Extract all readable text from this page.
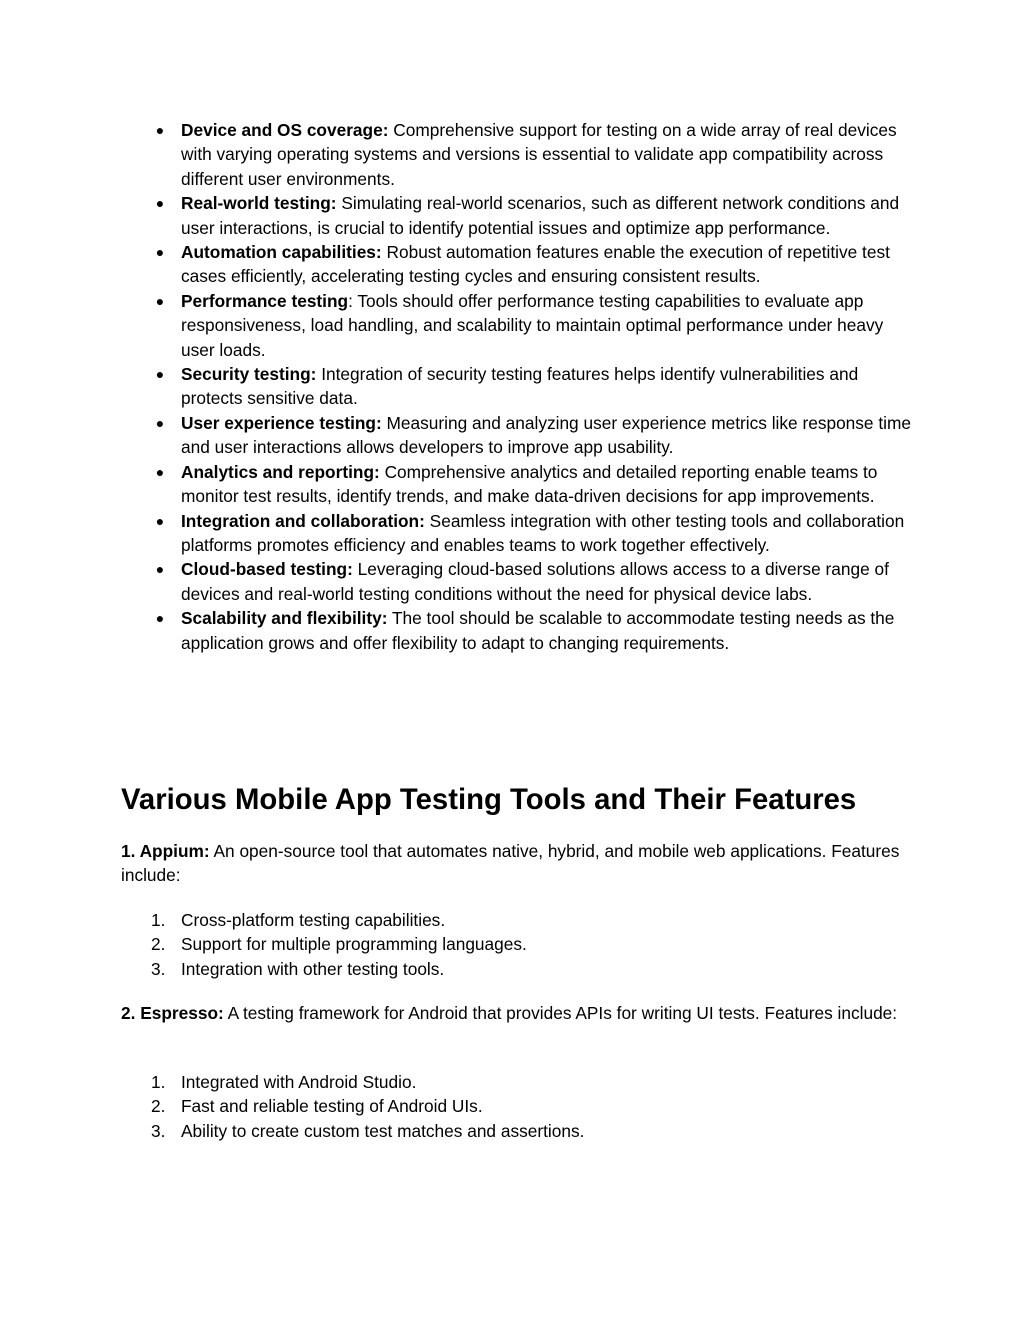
● Device and OS coverage: Comprehensive support for testing on a wide array of real devices with varying operating systems and versions is essential to validate app compatibility across different user environments.
● Real-world testing: Simulating real-world scenarios, such as different network conditions and user interactions, is crucial to identify potential issues and optimize app performance.
● Automation capabilities: Robust automation features enable the execution of repetitive test cases efficiently, accelerating testing cycles and ensuring consistent results.
● Performance testing: Tools should offer performance testing capabilities to evaluate app responsiveness, load handling, and scalability to maintain optimal performance under heavy user loads.
● Security testing: Integration of security testing features helps identify vulnerabilities and protects sensitive data.
● User experience testing: Measuring and analyzing user experience metrics like response time and user interactions allows developers to improve app usability.
● Analytics and reporting: Comprehensive analytics and detailed reporting enable teams to monitor test results, identify trends, and make data-driven decisions for app improvements.
● Integration and collaboration: Seamless integration with other testing tools and collaboration platforms promotes efficiency and enables teams to work together effectively.
● Cloud-based testing: Leveraging cloud-based solutions allows access to a diverse range of devices and real-world testing conditions without the need for physical device labs.
● Scalability and flexibility: The tool should be scalable to accommodate testing needs as the application grows and offer flexibility to adapt to changing requirements.
Various Mobile App Testing Tools and Their Features

1. Appium: An open-source tool that automates native, hybrid, and mobile web applications. Features include:

1. Cross-platform testing capabilities.
2. Support for multiple programming languages.
3. Integration with other testing tools.

2. Espresso: A testing framework for Android that provides APIs for writing UI tests. Features include:

1. Integrated with Android Studio.
2. Fast and reliable testing of Android UIs.
3. Ability to create custom test matches and assertions.
